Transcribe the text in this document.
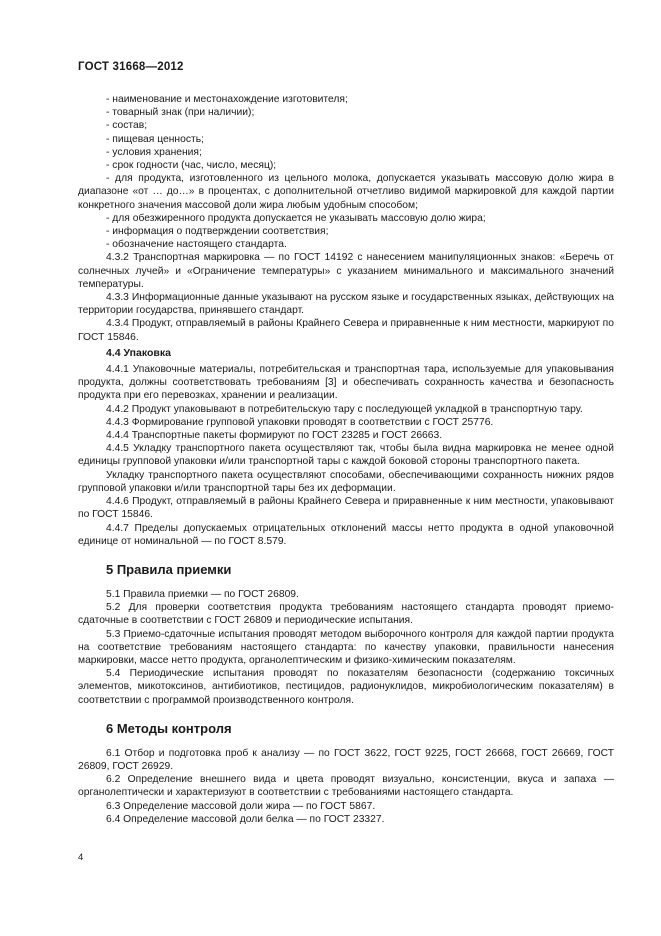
ГОСТ 31668—2012

- наименование и местонахождение изготовителя;

- товарный знак (при наличии);

- состав;

- пищевая ценность;

- условия хранения;

- срок годности (час, число, месяц);

- для продукта, изготовленного из цельного молока, допускается указывать массовую долю жира в диапазоне «от … до…» в процентах, с дополнительной отчетливо видимой маркировкой для каждой партии конкретного значения массовой доли жира любым удобным способом;

- для обезжиренного продукта допускается не указывать массовую долю жира;

- информация о подтверждении соответствия;

- обозначение настоящего стандарта.

4.3.2 Транспортная маркировка — по ГОСТ 14192 с нанесением манипуляционных знаков: «Беречь от солнечных лучей» и «Ограничение температуры» с указанием минимального и максимального значений температуры.

4.3.3 Информационные данные указывают на русском языке и государственных языках, действующих на территории государства, принявшего стандарт.

4.3.4 Продукт, отправляемый в районы Крайнего Севера и приравненные к ним местности, маркируют по ГОСТ 15846.

4.4 Упаковка

4.4.1 Упаковочные материалы, потребительская и транспортная тара, используемые для упаковывания продукта, должны соответствовать требованиям [3] и обеспечивать сохранность качества и безопасность продукта при его перевозках, хранении и реализации.

4.4.2 Продукт упаковывают в потребительскую тару с последующей укладкой в транспортную тару.

4.4.3 Формирование групповой упаковки проводят в соответствии с ГОСТ 25776.

4.4.4 Транспортные пакеты формируют по ГОСТ 23285 и ГОСТ 26663.

4.4.5 Укладку транспортного пакета осуществляют так, чтобы была видна маркировка не менее одной единицы групповой упаковки и/или транспортной тары с каждой боковой стороны транспортного пакета.

Укладку транспортного пакета осуществляют способами, обеспечивающими сохранность нижних рядов групповой упаковки и/или транспортной тары без их деформации.

4.4.6 Продукт, отправляемый в районы Крайнего Севера и приравненные к ним местности, упаковывают по ГОСТ 15846.

4.4.7 Пределы допускаемых отрицательных отклонений массы нетто продукта в одной упаковочной единице от номинальной — по ГОСТ 8.579.

5 Правила приемки

5.1 Правила приемки — по ГОСТ 26809.

5.2 Для проверки соответствия продукта требованиям настоящего стандарта проводят приемо-сдаточные в соответствии с ГОСТ 26809 и периодические испытания.

5.3 Приемо-сдаточные испытания проводят методом выборочного контроля для каждой партии продукта на соответствие требованиям настоящего стандарта: по качеству упаковки, правильности нанесения маркировки, массе нетто продукта, органолептическим и физико-химическим показателям.

5.4 Периодические испытания проводят по показателям безопасности (содержанию токсичных элементов, микотоксинов, антибиотиков, пестицидов, радионуклидов, микробиологическим показателям) в соответствии с программой производственного контроля.

6 Методы контроля

6.1 Отбор и подготовка проб к анализу — по ГОСТ 3622, ГОСТ 9225, ГОСТ 26668, ГОСТ 26669, ГОСТ 26809, ГОСТ 26929.

6.2 Определение внешнего вида и цвета проводят визуально, консистенции, вкуса и запаха — органолептически и характеризуют в соответствии с требованиями настоящего стандарта.

6.3 Определение массовой доли жира — по ГОСТ 5867.

6.4 Определение массовой доли белка — по ГОСТ 23327.

4
